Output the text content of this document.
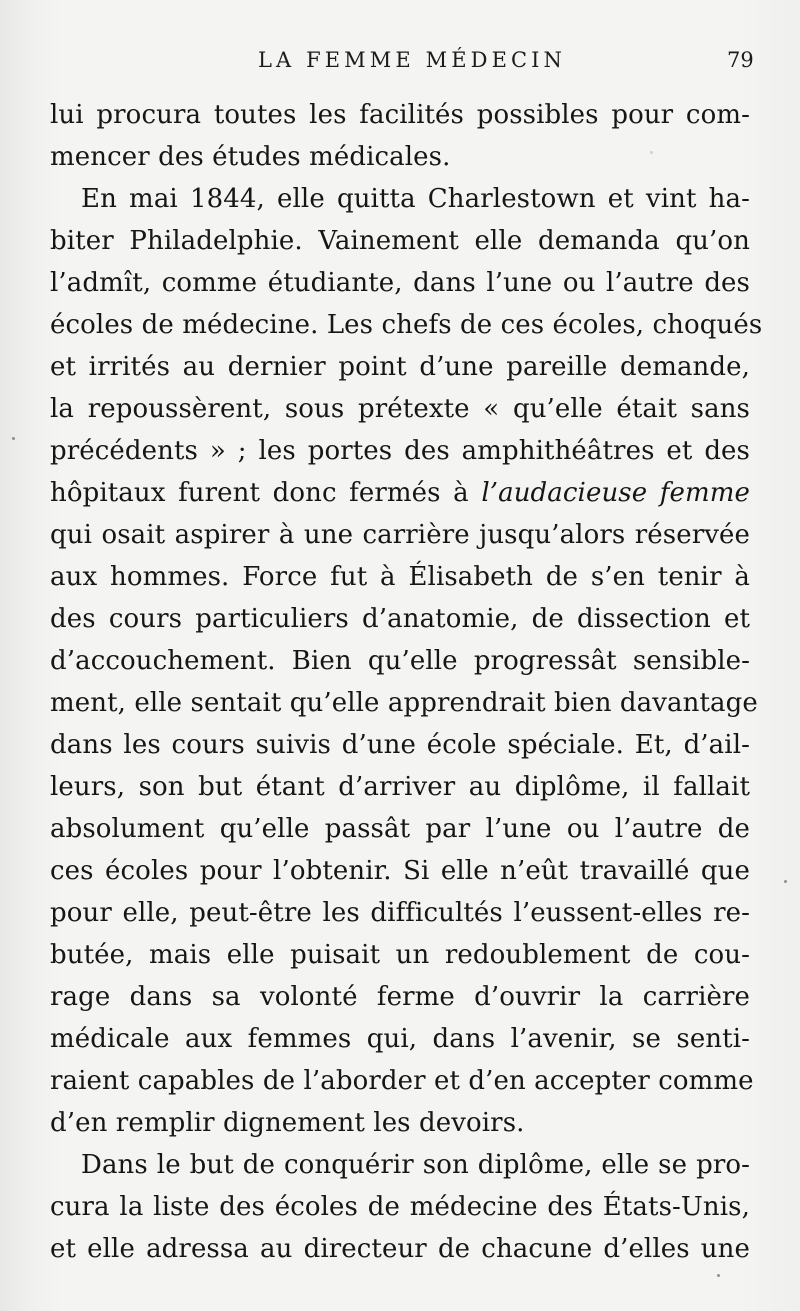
LA FEMME MÉDECIN	79
lui procura toutes les facilités possibles pour com-
mencer des études médicales.
En mai 1844, elle quitta Charlestown et vint ha-
biter Philadelphie. Vainement elle demanda qu’on
l’admît, comme étudiante, dans l’une ou l’autre des
écoles de médecine. Les chefs de ces écoles, choqués
et irrités au dernier point d’une pareille demande,
la repoussèrent, sous prétexte « qu’elle était sans
précédents » ; les portes des amphithéâtres et des
hôpitaux furent donc fermés à l’audacieuse femme
qui osait aspirer à une carrière jusqu’alors réservée
aux hommes. Force fut à Élisabeth de s’en tenir à
des cours particuliers d’anatomie, de dissection et
d’accouchement. Bien qu’elle progressât sensible-
ment, elle sentait qu’elle apprendrait bien davantage
dans les cours suivis d’une école spéciale. Et, d’ail-
leurs, son but étant d’arriver au diplôme, il fallait
absolument qu’elle passât par l’une ou l’autre de
ces écoles pour l’obtenir. Si elle n’eût travaillé que
pour elle, peut-être les difficultés l’eussent-elles re-
butée, mais elle puisait un redoublement de cou-
rage dans sa volonté ferme d’ouvrir la carrière
médicale aux femmes qui, dans l’avenir, se senti-
raient capables de l’aborder et d’en accepter comme
d’en remplir dignement les devoirs.
Dans le but de conquérir son diplôme, elle se pro-
cura la liste des écoles de médecine des États-Unis,
et elle adressa au directeur de chacune d’elles une
